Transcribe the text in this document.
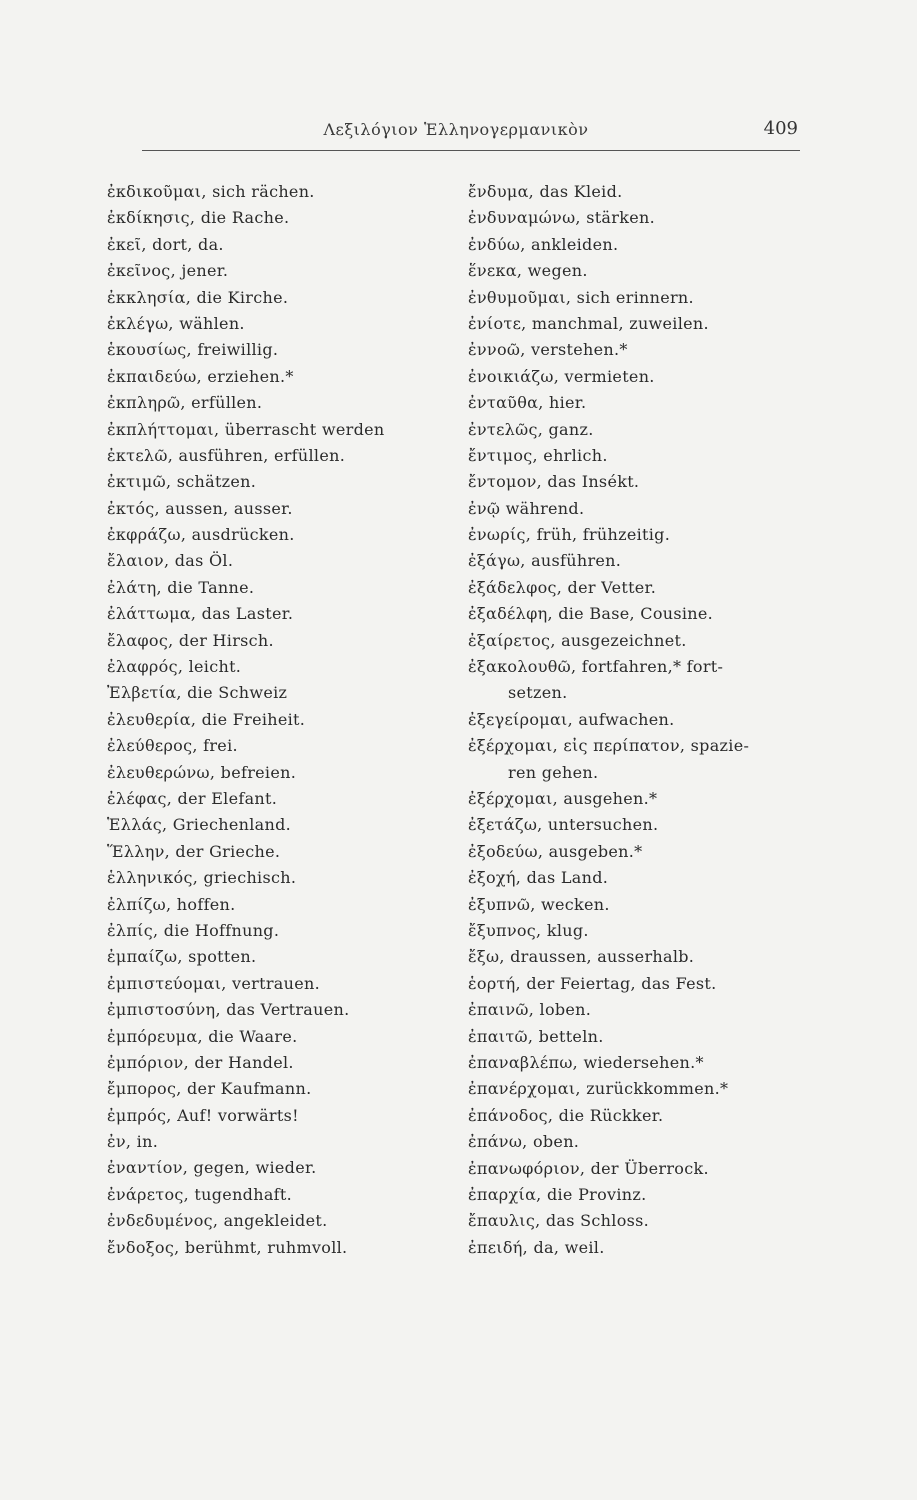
Λεξιλόγιον Ἑλληνογερμανικὸν	409
ἐκδικοῦμαι, sich rächen.
ἐκδίκησις, die Rache.
ἐκεῖ, dort, da.
ἐκεῖνος, jener.
ἐκκλησία, die Kirche.
ἐκλέγω, wählen.
ἑκουσίως, freiwillig.
ἐκπαιδεύω, erziehen.*
ἐκπληρῶ, erfüllen.
ἐκπλήττομαι, überrascht werden
ἐκτελῶ, ausführen, erfüllen.
ἐκτιμῶ, schätzen.
ἐκτός, aussen, ausser.
ἐκφράζω, ausdrücken.
ἔλαιον, das Öl.
ἐλάτη, die Tanne.
ἐλάττωμα, das Laster.
ἔλαφος, der Hirsch.
ἐλαφρός, leicht.
Ἐλβετία, die Schweiz
ἐλευθερία, die Freiheit.
ἐλεύθερος, frei.
ἐλευθερώνω, befreien.
ἐλέφας, der Elefant.
Ἑλλάς, Griechenland.
Ἕλλην, der Grieche.
ἑλληνικός, griechisch.
ἐλπίζω, hoffen.
ἐλπίς, die Hoffnung.
ἐμπαίζω, spotten.
ἐμπιστεύομαι, vertrauen.
ἐμπιστοσύνη, das Vertrauen.
ἐμπόρευμα, die Waare.
ἐμπόριον, der Handel.
ἔμπορος, der Kaufmann.
ἐμπρός, Auf! vorwärts!
ἐν, in.
ἐναντίον, gegen, wieder.
ἐνάρετος, tugendhaft.
ἐνδεδυμένος, angekleidet.
ἔνδοξος, berühmt, ruhmvoll.
ἔνδυμα, das Kleid.
ἐνδυναμώνω, stärken.
ἐνδύω, ankleiden.
ἕνεκα, wegen.
ἐνθυμοῦμαι, sich erinnern.
ἐνίοτε, manchmal, zuweilen.
ἐννοῶ, verstehen.*
ἐνοικιάζω, vermieten.
ἐνταῦθα, hier.
ἐντελῶς, ganz.
ἔντιμος, ehrlich.
ἔντομον, das Insékt.
ἐνῷ während.
ἐνωρίς, früh, frühzeitig.
ἐξάγω, ausführen.
ἐξάδελφος, der Vetter.
ἐξαδέλφη, die Base, Cousine.
ἐξαίρετος, ausgezeichnet.
ἐξακολουθῶ, fortfahren,* fort-
setzen.
ἐξεγείρομαι, aufwachen.
ἐξέρχομαι, εἰς περίπατον, spazie-
ren gehen.
ἐξέρχομαι, ausgehen.*
ἐξετάζω, untersuchen.
ἐξοδεύω, ausgeben.*
ἐξοχή, das Land.
ἐξυπνῶ, wecken.
ἔξυπνος, klug.
ἔξω, draussen, ausserhalb.
ἑορτή, der Feiertag, das Fest.
ἐπαινῶ, loben.
ἐπαιτῶ, betteln.
ἐπαναβλέπω, wiedersehen.*
ἐπανέρχομαι, zurückkommen.*
ἐπάνοδος, die Rückker.
ἐπάνω, oben.
ἐπανωφόριον, der Überrock.
ἐπαρχία, die Provinz.
ἔπαυλις, das Schloss.
ἐπειδή, da, weil.
